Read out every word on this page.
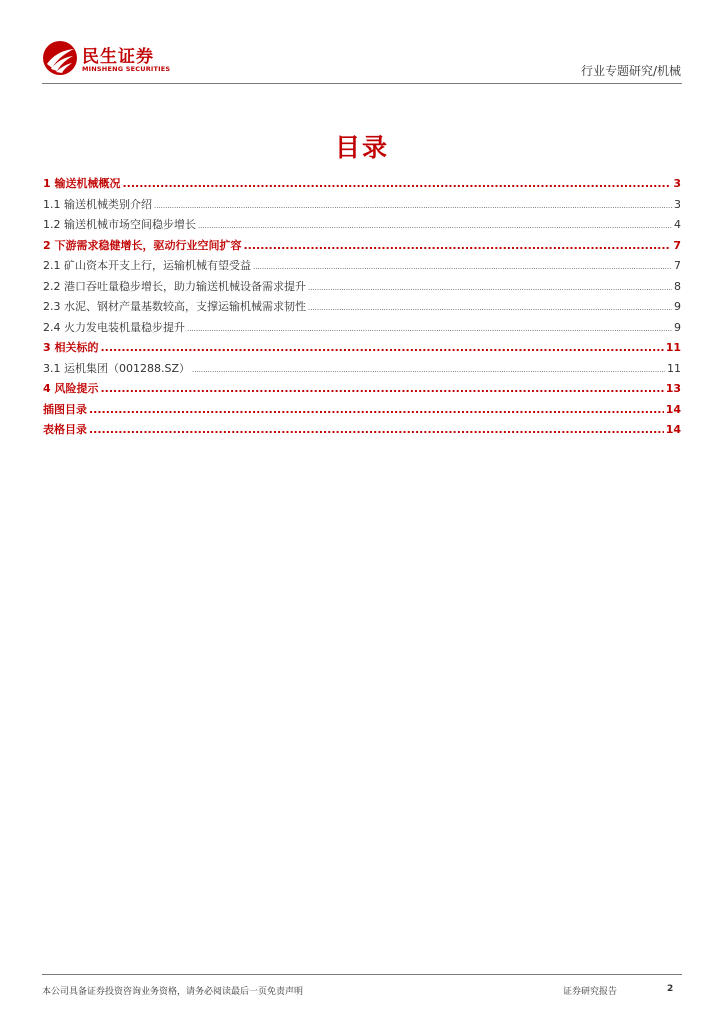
民生证券
MINSHENG SECURITIES	行业专题研究/机械
目录
1 输送机械概况 .....	3
1.1 输送机械类别介绍 .....	3
1.2 输送机械市场空间稳步增长 .....	4
2 下游需求稳健增长，驱动行业空间扩容 .....	7
2.1 矿山资本开支上行，运输机械有望受益 .....	7
2.2 港口吞吐量稳步增长，助力输送机械设备需求提升 .....	8
2.3 水泥、钢材产量基数较高，支撑运输机械需求韧性 .....	9
2.4 火力发电装机量稳步提升 .....	9
3 相关标的 .....	11
3.1 运机集团（001288.SZ） .....	11
4 风险提示 .....	13
插图目录 .....	14
表格目录 .....	14
本公司具备证券投资咨询业务资格，请务必阅读最后一页免责声明	证券研究报告	2
